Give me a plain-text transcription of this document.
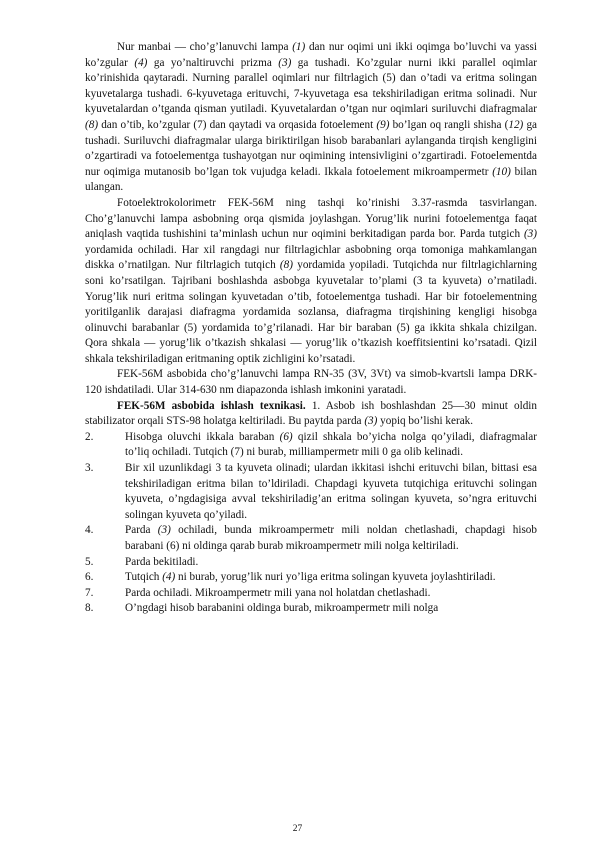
Nur manbai — cho’g’lanuvchi lampa (1) dan nur oqimi uni ikki oqimga bo’luvchi va yassi ko’zgular (4) ga yo’naltiruvchi prizma (3) ga tushadi. Ko’zgular nurni ikki parallel oqimlar ko’rinishida qaytaradi. Nurning parallel oqimlari nur filtrlagich (5) dan o’tadi va eritma solingan kyuvetalarga tushadi. 6-kyuvetaga erituvchi, 7-kyuvetaga esa tekshiriladigan eritma solinadi. Nur kyuvetalardan o’tganda qisman yutiladi. Kyuvetalardan o’tgan nur oqimlari suriluvchi diafragmalar (8) dan o’tib, ko’zgular (7) dan qaytadi va orqasida fotoelement (9) bo’lgan oq rangli shisha (12) ga tushadi. Suriluvchi diafragmalar ularga biriktirilgan hisob barabanlari aylanganda tirqish kengligini o’zgartiradi va fotoelementga tushayotgan nur oqimining intensivligini o’zgartiradi. Fotoelementda nur oqimiga mutanosib bo’lgan tok vujudga keladi. Ikkala fotoelement mikroampermetr (10) bilan ulangan.

Fotoelektrokolorimetr FEK-56M ning tashqi ko’rinishi 3.37-rasmda tasvirlangan. Cho’g’lanuvchi lampa asbobning orqa qismida joylashgan. Yorug’lik nurini fotoelementga faqat aniqlash vaqtida tushishini ta’minlash uchun nur oqimini berkitadigan parda bor. Parda tutgich (3) yordamida ochiladi. Har xil rangdagi nur filtrlagichlar asbobning orqa tomoniga mahkamlangan diskka o’rnatilgan. Nur filtrlagich tutqich (8) yordamida yopiladi. Tutqichda nur filtrlagichlarning soni ko’rsatilgan. Tajribani boshlashda asbobga kyuvetalar to’plami (3 ta kyuveta) o’rnatiladi. Yorug’lik nuri eritma solingan kyuvetadan o’tib, fotoelementga tushadi. Har bir fotoelementning yoritilganlik darajasi diafragma yordamida sozlansa, diafragma tirqishining kengligi hisobga olinuvchi barabanlar (5) yordamida to’g’rilanadi. Har bir baraban (5) ga ikkita shkala chizilgan. Qora shkala — yorug’lik o’tkazish shkalasi — yorug’lik o’tkazish koeffitsientini ko’rsatadi. Qizil shkala tekshiriladigan eritmaning optik zichligini ko’rsatadi.

FEK-56M asbobida cho’g’lanuvchi lampa RN-35 (3V, 3Vt) va simob-kvartsli lampa DRK-120 ishdatiladi. Ular 314-630 nm diapazonda ishlash imkonini yaratadi.

FEK-56M asbobida ishlash texnikasi. 1. Asbob ish boshlashdan 25—30 minut oldin stabilizator orqali STS-98 holatga keltiriladi. Bu paytda parda (3) yopiq bo’lishi kerak.

2.	Hisobga oluvchi ikkala baraban (6) qizil shkala bo’yicha nolga qo’yiladi, diafragmalar to’liq ochiladi. Tutqich (7) ni burab, milliampermetr mili 0 ga olib kelinadi.
3.	Bir xil uzunlikdagi 3 ta kyuveta olinadi; ulardan ikkitasi ishchi erituvchi bilan, bittasi esa tekshiriladigan eritma bilan to’ldiriladi. Chapdagi kyuveta tutqichiga erituvchi solingan kyuveta, o’ngdagisiga avval tekshiriladig’an eritma solingan kyuveta, so’ngra erituvchi solingan kyuveta qo’yiladi.
4.	Parda (3) ochiladi, bunda mikroampermetr mili noldan chetlashadi, chapdagi hisob barabani (6) ni oldinga qarab burab mikroampermetr mili nolga keltiriladi.
5.	Parda bekitiladi.
6.	Tutqich (4) ni burab, yorug’lik nuri yo’liga eritma solingan kyuveta joylashtiriladi.
7.	Parda ochiladi. Mikroampermetr mili yana nol holatdan chetlashadi.
8.	O’ngdagi hisob barabanini oldinga burab, mikroampermetr mili nolga
27
